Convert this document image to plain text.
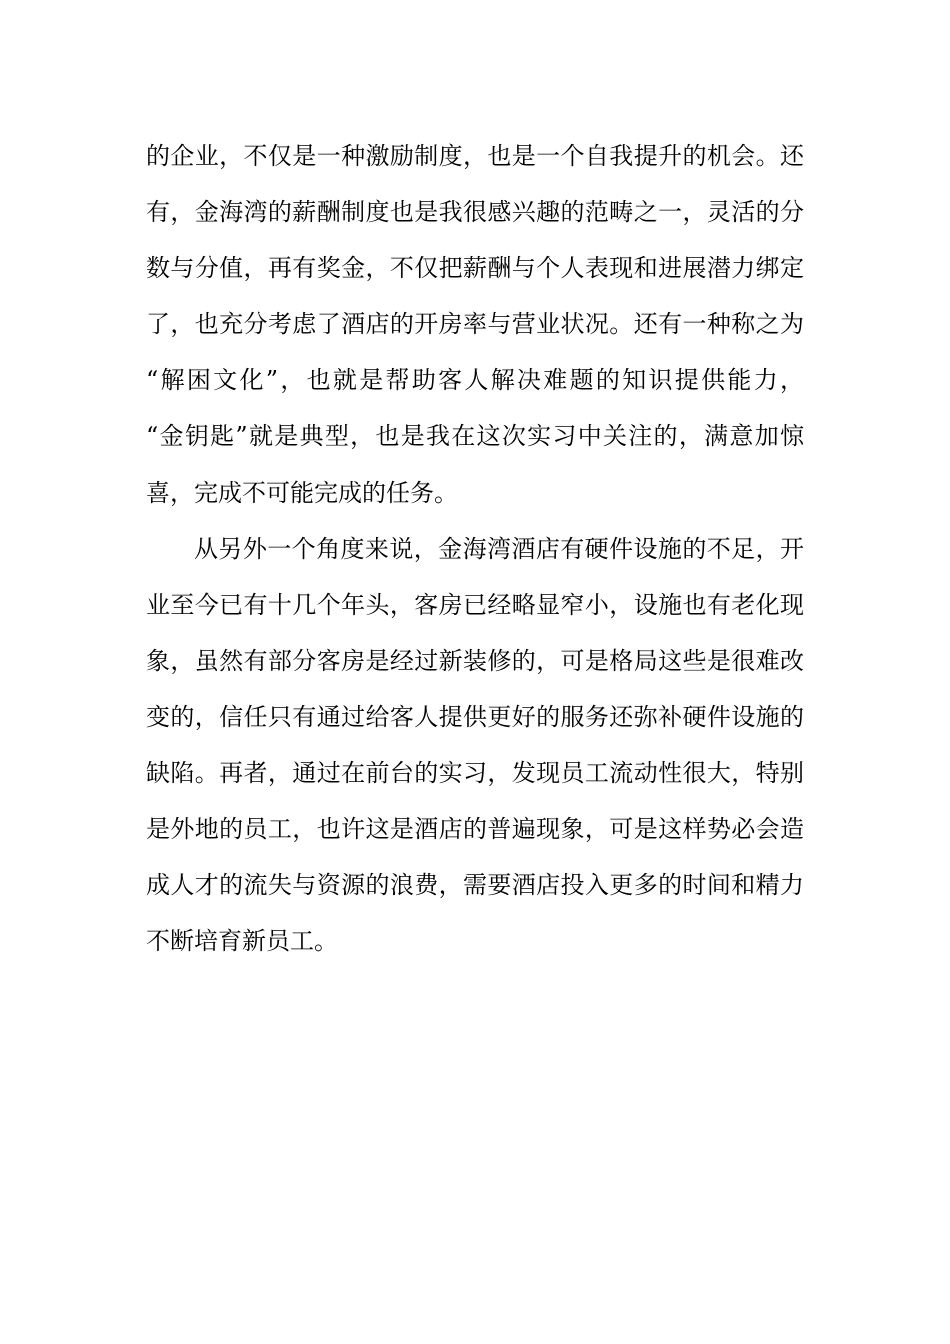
的企业，不仅是一种激励制度，也是一个自我提升的机会。还
有，金海湾的薪酬制度也是我很感兴趣的范畴之一，灵活的分
数与分值，再有奖金，不仅把薪酬与个人表现和进展潜力绑定
了，也充分考虑了酒店的开房率与营业状况。还有一种称之为
“解困文化”，也就是帮助客人解决难题的知识提供能力，
“金钥匙”就是典型，也是我在这次实习中关注的，满意加惊
喜，完成不可能完成的任务。
从另外一个角度来说，金海湾酒店有硬件设施的不足，开
业至今已有十几个年头，客房已经略显窄小，设施也有老化现
象，虽然有部分客房是经过新装修的，可是格局这些是很难改
变的，信任只有通过给客人提供更好的服务还弥补硬件设施的
缺陷。再者，通过在前台的实习，发现员工流动性很大，特别
是外地的员工，也许这是酒店的普遍现象，可是这样势必会造
成人才的流失与资源的浪费，需要酒店投入更多的时间和精力
不断培育新员工。
